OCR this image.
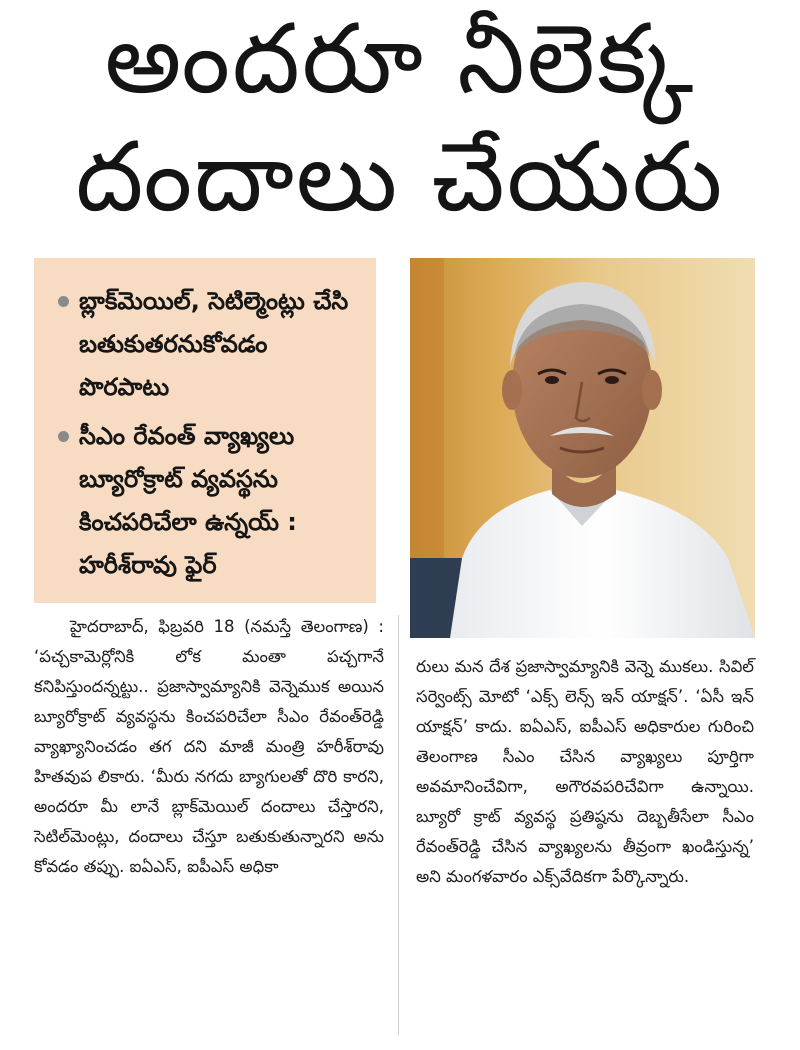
అందరూ నీలెక్క
దందాలు చేయరు
బ్లాక్‌మెయిల్, సెటిల్మెంట్లు చేసి బతుకుతరనుకోవడం పొరపాటు
సీఎం రేవంత్ వ్యాఖ్యలు బ్యూరోక్రాట్ వ్యవస్థను కించపరిచేలా ఉన్నయ్ : హరీశ్‌రావు ఫైర్

హైదరాబాద్, ఫిబ్రవరి 18 (నమస్తే తెలంగాణ) : ‘పచ్చకామెర్లోనికి లోక మంతా పచ్చగానే కనిపిస్తుందన్నట్టు.. ప్రజాస్వామ్యానికి వెన్నెముక అయిన బ్యూరోక్రాట్ వ్యవస్థను కించపరిచేలా సీఎం రేవంత్‌రెడ్డి వ్యాఖ్యానించడం తగ దని మాజీ మంత్రి హరీశ్‌రావు హితవుప లికారు. ‘మీరు నగదు బ్యాగులతో దొరి కారని, అందరూ మీ లానే బ్లాక్‌మెయిల్ దందాలు చేస్తారని, సెటిల్‌మెంట్లు, దందాలు చేస్తూ బతుకుతున్నారని అను కోవడం తప్పు. ఐఏఎస్, ఐపీఎస్ అధికా

రులు మన దేశ ప్రజాస్వామ్యానికి వెన్నె ముకలు. సివిల్ సర్వెంట్స్ మోటో ‘ఎక్స్ లెన్స్ ఇన్ యాక్షన్’. ‘ఏసీ ఇన్ యాక్షన్’ కాదు. ఐఏఎస్, ఐపీఎస్ అధికారుల గురించి తెలంగాణ సీఎం చేసిన వ్యాఖ్యలు పూర్తిగా అవమానించేవిగా, అగౌరవపరిచేవిగా ఉన్నాయి. బ్యూరో క్రాట్ వ్యవస్థ ప్రతిష్ఠను దెబ్బతీసేలా సీఎం రేవంత్‌రెడ్డి చేసిన వ్యాఖ్యలను తీవ్రంగా ఖండిస్తున్న’ అని మంగళవారం ఎక్స్‌వేదికగా పేర్కొన్నారు.
